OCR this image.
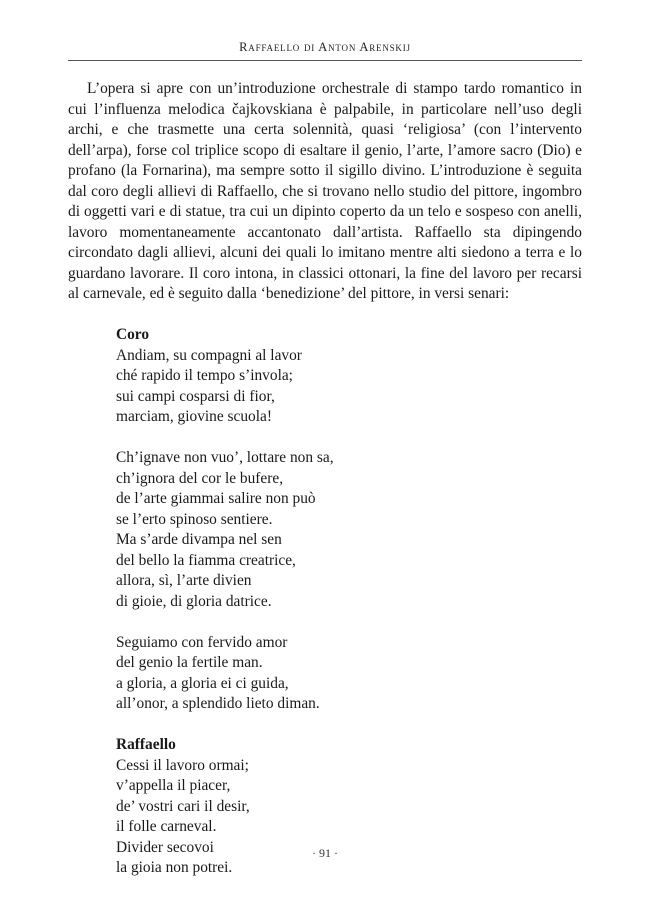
Raffaello di Anton Arenskij

L’opera si apre con un’introduzione orchestrale di stampo tardo romantico in cui l’influenza melodica čajkovskiana è palpabile, in particolare nell’uso degli archi, e che trasmette una certa solennità, quasi ‘religiosa’ (con l’intervento dell’arpa), forse col triplice scopo di esaltare il genio, l’arte, l’amore sacro (Dio) e profano (la Fornarina), ma sempre sotto il sigillo divino. L’introduzione è seguita dal coro degli allievi di Raffaello, che si trovano nello studio del pittore, ingombro di oggetti vari e di statue, tra cui un dipinto coperto da un telo e sospeso con anelli, lavoro momentaneamente accantonato dall’artista. Raffaello sta dipingendo circondato dagli allievi, alcuni dei quali lo imitano mentre alti siedono a terra e lo guardano lavorare. Il coro intona, in classici ottonari, la fine del lavoro per recarsi al carnevale, ed è seguito dalla ‘benedizione’ del pittore, in versi senari:

Coro
Andiam, su compagni al lavor
ché rapido il tempo s’invola;
sui campi cosparsi di fior,
marciam, giovine scuola!
Ch’ignave non vuo’, lottare non sa,
ch’ignora del cor le bufere,
de l’arte giammai salire non può
se l’erto spinoso sentiere.
Ma s’arde divampa nel sen
del bello la fiamma creatrice,
allora, sì, l’arte divien
di gioie, di gloria datrice.
Seguiamo con fervido amor
del genio la fertile man.
a gloria, a gloria ei ci guida,
all’onor, a splendido lieto diman.
Raffaello
Cessi il lavoro ormai;
v’appella il piacer,
de’ vostri cari il desir,
il folle carneval.
Divider secovoi
la gioia non potrei.
· 91 ·
